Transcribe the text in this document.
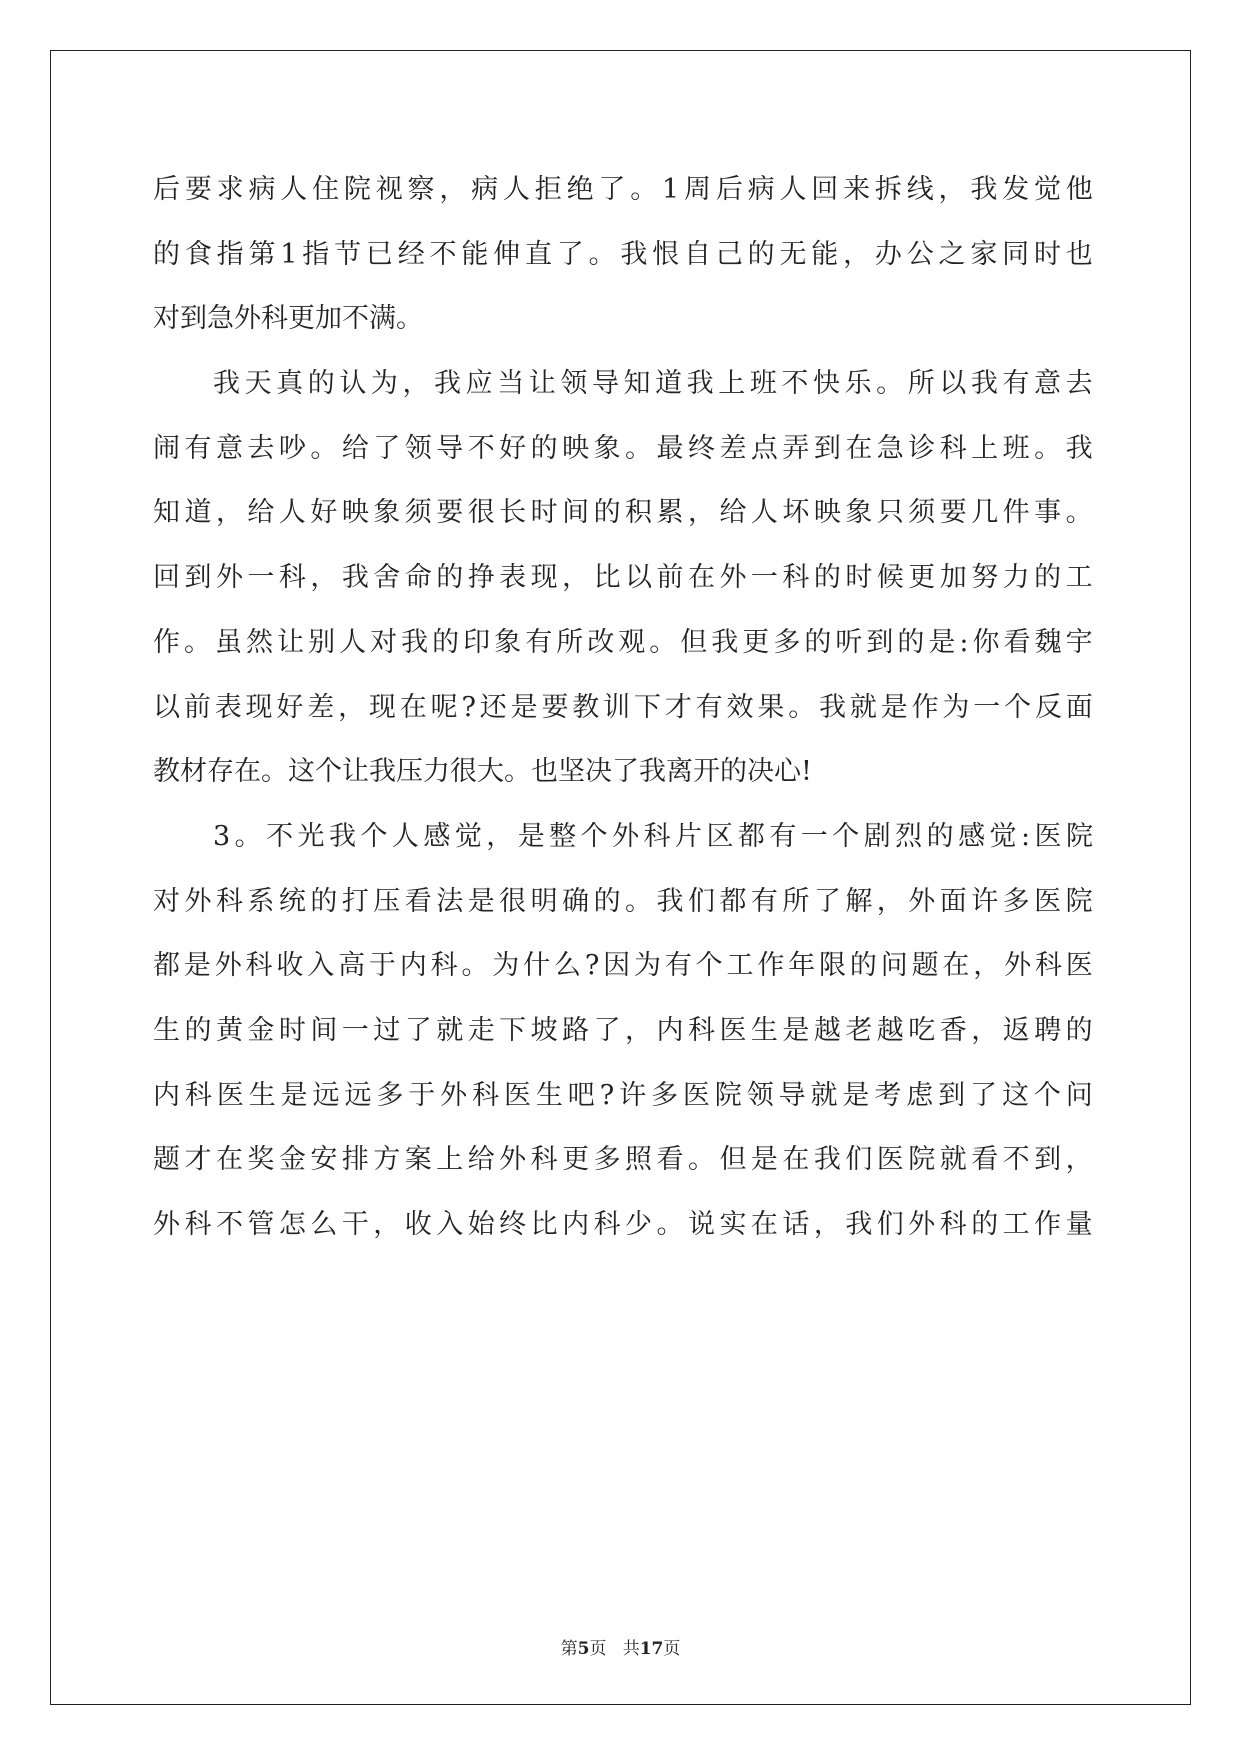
后 要 求 病 人 住 院 视 察 ， 病 人 拒 绝 了 。 1 周 后 病 人 回 来 拆 线 ， 我 发 觉 他
的 食 指 第 1 指 节 已 经 不 能 伸 直 了 。 我 恨 自 己 的 无 能 ， 办 公 之 家 同 时 也
对到急外科更加不满。
我 天 真 的 认 为 ， 我 应 当 让 领 导 知 道 我 上 班 不 快 乐 。 所 以 我 有 意 去
闹 有 意 去 吵 。 给 了 领 导 不 好 的 映 象 。 最 终 差 点 弄 到 在 急 诊 科 上 班 。 我
知 道 ， 给 人 好 映 象 须 要 很 长 时 间 的 积 累 ， 给 人 坏 映 象 只 须 要 几 件 事 。
回 到 外 一 科 ， 我 舍 命 的 挣 表 现 ， 比 以 前 在 外 一 科 的 时 候 更 加 努 力 的 工
作 。 虽 然 让 别 人 对 我 的 印 象 有 所 改 观 。 但 我 更 多 的 听 到 的 是 : 你 看 魏 宇
以 前 表 现 好 差 ， 现 在 呢 ? 还 是 要 教 训 下 才 有 效 果 。 我 就 是 作 为 一 个 反 面
教材存在。这个让我压力很大。也坚决了我离开的决心!
3 。 不 光 我 个 人 感 觉 ， 是 整 个 外 科 片 区 都 有 一 个 剧 烈 的 感 觉 : 医 院
对 外 科 系 统 的 打 压 看 法 是 很 明 确 的 。 我 们 都 有 所 了 解 ， 外 面 许 多 医 院
都 是 外 科 收 入 高 于 内 科 。 为 什 么 ? 因 为 有 个 工 作 年 限 的 问 题 在 ， 外 科 医
生 的 黄 金 时 间 一 过 了 就 走 下 坡 路 了 ， 内 科 医 生 是 越 老 越 吃 香 ， 返 聘 的
内 科 医 生 是 远 远 多 于 外 科 医 生 吧 ? 许 多 医 院 领 导 就 是 考 虑 到 了 这 个 问
题 才 在 奖 金 安 排 方 案 上 给 外 科 更 多 照 看 。 但 是 在 我 们 医 院 就 看 不 到 ，
外 科 不 管 怎 么 干 ， 收 入 始 终 比 内 科 少 。 说 实 在 话 ， 我 们 外 科 的 工 作 量
第5页 共17页
